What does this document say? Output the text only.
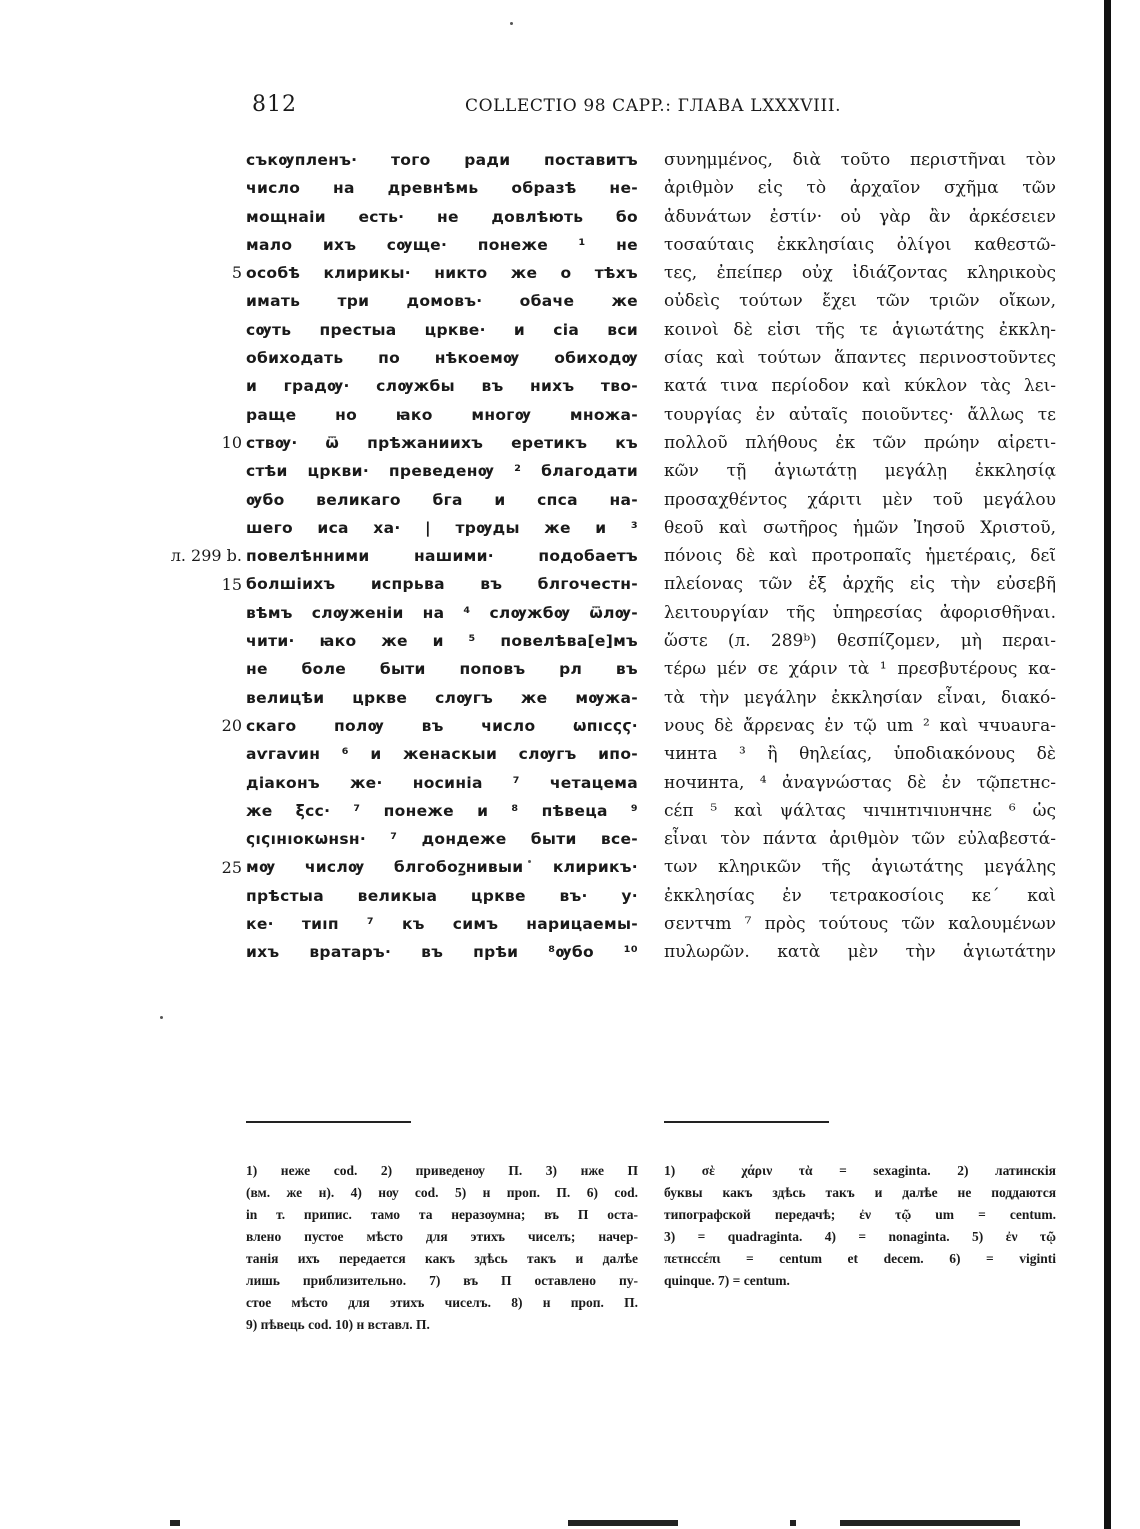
812	COLLECTIO 98 CAPP.: ГЛАВА LXXXVIII.
5
10
л. 299 b.
15
20
25
съкѹпленъ· того ради поставитъ
число на древнѣмь образѣ не-
мощнаіи есть· не довлѣють бо
мало ихъ сѹще· понеже ¹ не
особѣ клирикы· никто же о тѣхъ
имать три домовъ· обаче же
сѹть престыа цркве· и сіа вси
обиходать по нѣкоемѹ обиходѹ
и градѹ· слѹжбы въ нихъ тво-
раще но ꙗко многѹ множа-
ствѹ· ѿ прѣжаниихъ еретикъ къ
стѣи цркви· преведенѹ ² благодати
ѹбо великаго бга и спса на-
шего иса ха· | трѹды же и ³
повелѣнними нашими· подобаетъ
болшіихъ испрьва въ блгочестн-
вѣмъ слѹженіи на ⁴ слѹжбѹ ѿлѹ-
чити· ꙗко же и ⁵ повелѣва[е]мъ
не боле быти поповъ рл въ
велицѣи цркве слѹгъ же мѹжа-
скаго полѹ въ число ωпıcςϛ·
аѵгаѵин ⁶ и женаскыи слѹгъ ипо-
діаконъ же· носиніа ⁷ четацема
же ξcc· ⁷ понеже и ⁸ пѣвеца ⁹
ςıςıнıокωнsн· ⁷ дондеже быти все-
мѹ числѹ блгобоꙁнивыи клирикъ·
прѣстыа великыа цркве въ· у·
ке· тиıп ⁷ къ симъ нарицаемы-
ихъ вратаръ· въ прѣи ⁸ѹбо ¹⁰
συνημμένος, διὰ τοῦτο περιστῆναι τὸν
ἀριθμὸν εἰς τὸ ἀρχαῖον σχῆμα τῶν
ἀδυνάτων ἐστίν· οὐ γὰρ ἂν ἀρκέσειεν
τοσαύταις ἐκκλησίαις ὀλίγοι καθεστῶ-
τες, ἐπείπερ οὐχ ἰδιάζοντας κληρικοὺς
οὐδεὶς τούτων ἔχει τῶν τριῶν οἴκων,
κοινοὶ δὲ εἰσι τῆς τε ἁγιωτάτης ἐκκλη-
σίας καὶ τούτων ἅπαντες περινοστοῦντες
κατά τινα περίοδον καὶ κύκλον τὰς λει-
τουργίας ἐν αὐταῖς ποιοῦντες· ἄλλως τε
πολλοῦ πλήθους ἐκ τῶν πρώην αἱρετι-
κῶν τῇ ἁγιωτάτῃ μεγάλῃ ἐκκλησίᾳ
προσαχθέντος χάριτι μὲν τοῦ μεγάλου
θεοῦ καὶ σωτῆρος ἡμῶν Ἰησοῦ Χριστοῦ,
πόνοις δὲ καὶ προτροπαῖς ἡμετέραις, δεῖ
πλείονας τῶν ἐξ ἀρχῆς εἰς τὴν εὐσεβῆ
λειτουργίαν τῆς ὑπηρεσίας ἀφορισθῆναι.
ὥστε (л. 289ᵇ) θεσπίζομεν, μὴ περαι-
τέρω μέν σε χάριν τὰ ¹ πρεσβυτέρους κα-
τὰ τὴν μεγάλην ἐκκλησίαν εἶναι, διακό-
νους δὲ ἄρρενας ἐν τῷ um ² καὶ ччυаυга-
чинта ³ ἢ θηλείας, ὑποδιακόνους δὲ
ночинта, ⁴ ἀναγνώστας δὲ ἐν τῷпετнc-
cέπ ⁵ καὶ ψάλτας чıчıнтıчıυнчнε ⁶ ὡς
εἶναι τὸν πάντα ἀριθμὸν τῶν εὐλαβεστά-
των κληρικῶν τῆς ἁγιωτάτης μεγάλης
ἐκκλησίας ἐν τετρακοσίοις κε΄ καὶ
σεντчm ⁷ πρὸς τούτους τῶν καλουμένων
πυλωρῶν. κατὰ μὲν τὴν ἁγιωτάτην
1) неже cod. 2) приведенѹ П. 3) нже П
(вм. же н). 4) нѹ cod. 5) н проп. П. 6) cod.
in т. припис. тамо та неразѹмна; въ П оста-
влено пустое мѣсто для этихъ чиселъ; начер-
танія ихъ передается какъ здѣсь такъ и далѣе
лишь приблизительно. 7) въ П оставлено пу-
стое мѣсто для этихъ чиселъ. 8) н проп. П.
9) пѣвець cod. 10) н вставл. П.
1) σὲ χάριν τὰ = sexaginta. 2) латинскія
буквы какъ здѣсь такъ и далѣе не поддаются
типографской передачѣ; ἐν τῷ um = centum.
3) = quadraginta. 4) = nonaginta. 5) ἐν τῷ
πετнсcέπι = centum et decem. 6) = viginti
quinque. 7) = centum.
